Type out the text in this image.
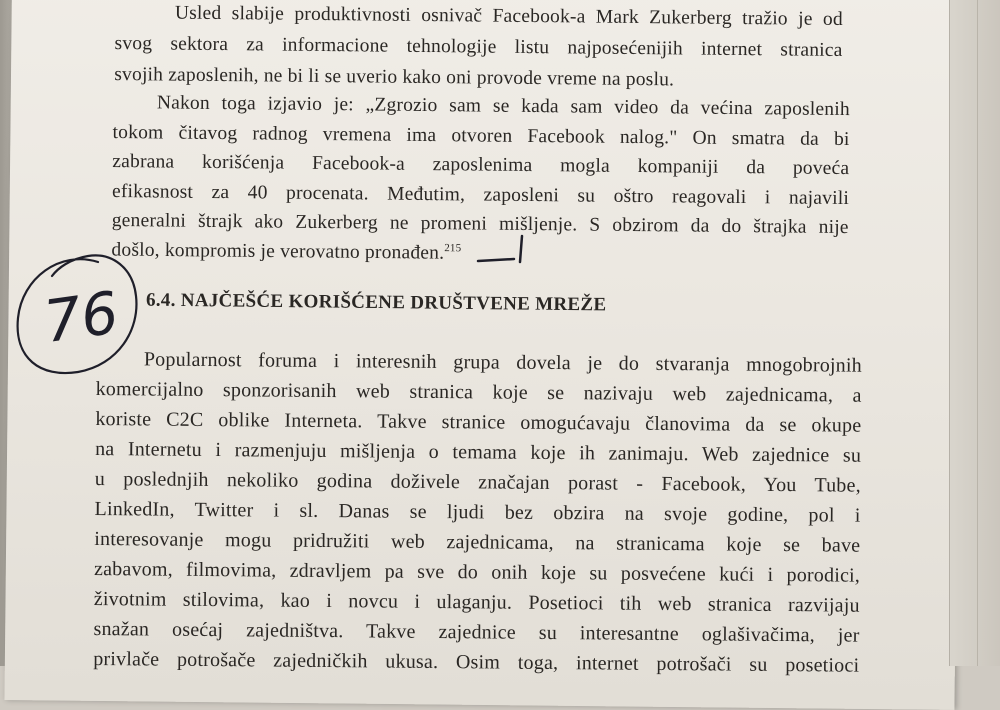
Usled slabije produktivnosti osnivač Facebook-a Mark Zukerberg tražio je od
svog sektora za informacione tehnologije listu najposećenijih internet stranica
svojih zaposlenih, ne bi li se uverio kako oni provode vreme na poslu.
Nakon toga izjavio je: „Zgrozio sam se kada sam video da većina zaposlenih
tokom čitavog radnog vremena ima otvoren Facebook nalog." On smatra da bi
zabrana korišćenja Facebook-a zaposlenima mogla kompaniji da poveća
efikasnost za 40 procenata. Međutim, zaposleni su oštro reagovali i najavili
generalni štrajk ako Zukerberg ne promeni mišljenje. S obzirom da do štrajka nije
došlo, kompromis je verovatno pronađen.$^{215}$
6.4. NAJČEŠĆE KORIŠĆENE DRUŠTVENE MREŽE
Popularnost foruma i interesnih grupa dovela je do stvaranja mnogobrojnih
komercijalno sponzorisanih web stranica koje se nazivaju web zajednicama, a
koriste C2C oblike Interneta. Takve stranice omogućavaju članovima da se okupe
na Internetu i razmenjuju mišljenja o temama koje ih zanimaju. Web zajednice su
u poslednjih nekoliko godina doživele značajan porast - Facebook, You Tube,
LinkedIn, Twitter i sl. Danas se ljudi bez obzira na svoje godine, pol i
interesovanje mogu pridružiti web zajednicama, na stranicama koje se bave
zabavom, filmovima, zdravljem pa sve do onih koje su posvećene kući i porodici,
životnim stilovima, kao i novcu i ulaganju. Posetioci tih web stranica razvijaju
snažan osećaj zajedništva. Takve zajednice su interesantne oglašivačima, jer
privlače potrošače zajedničkih ukusa. Osim toga, internet potrošači su posetioci
76
